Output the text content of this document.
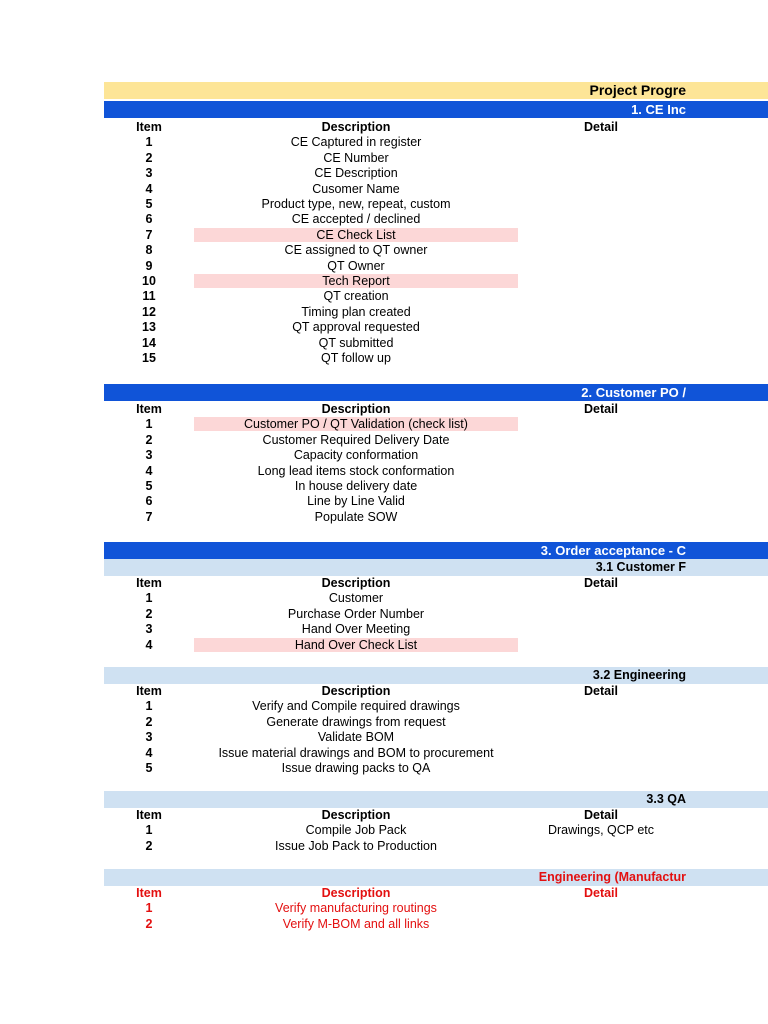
Project Progre
1. CE Inc
Item	Description	Detail
1	CE Captured in register
2	CE Number
3	CE Description
4	Cusomer Name
5	Product type, new, repeat, custom
6	CE accepted / declined
7	CE Check List
8	CE assigned to QT owner
9	QT Owner
10	Tech Report
11	QT creation
12	Timing plan created
13	QT approval requested
14	QT submitted
15	QT follow up
2. Customer PO /
Item	Description	Detail
1	Customer PO / QT Validation (check list)
2	Customer Required Delivery Date
3	Capacity conformation
4	Long lead items stock conformation
5	In house delivery date
6	Line by Line Valid
7	Populate SOW
3. Order acceptance - C
3.1 Customer F
Item	Description	Detail
1	Customer
2	Purchase Order Number
3	Hand Over Meeting
4	Hand Over Check List
3.2 Engineering
Item	Description	Detail
1	Verify and Compile required drawings
2	Generate drawings from request
3	Validate BOM
4	Issue material drawings and BOM to procurement
5	Issue drawing packs to QA
3.3 QA
Item	Description	Detail
1	Compile Job Pack	Drawings, QCP etc
2	Issue Job Pack to Production
Engineering (Manufactur
Item	Description	Detail
1	Verify manufacturing routings
2	Verify M-BOM and all links
